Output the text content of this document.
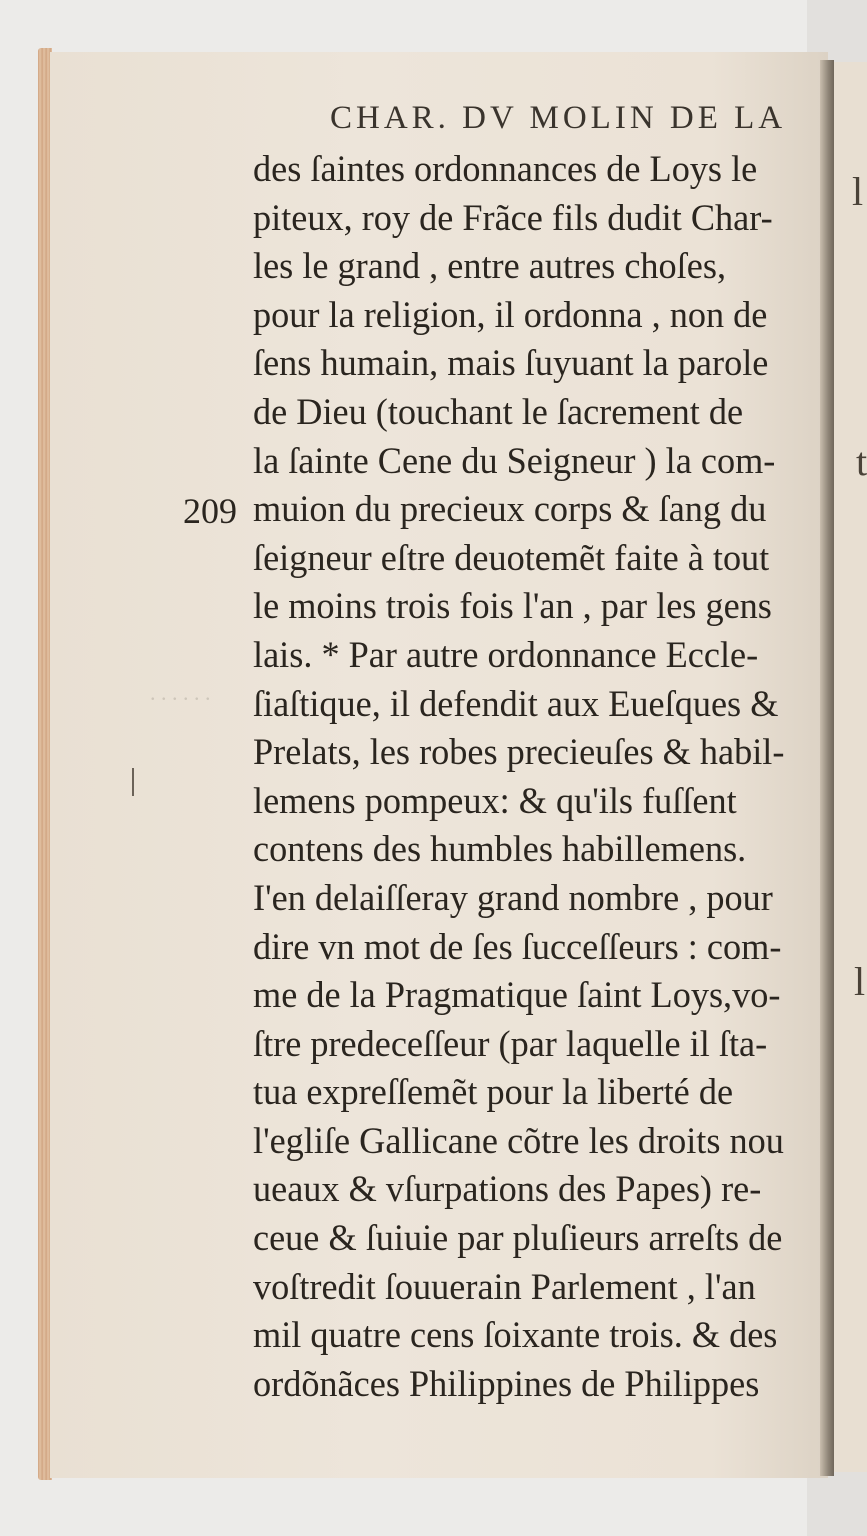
l
t
l
. . . . . .
CHAR. DV MOLIN DE LA
209
des ſaintes ordonnances de Loys le
piteux, roy de Frãce fils dudit Char-
les le grand , entre autres choſes,
pour la religion, il ordonna , non de
ſens humain, mais ſuyuant la parole
de Dieu (touchant le ſacrement de
la ſainte Cene du Seigneur ) la com-
muion du precieux corps & ſang du
ſeigneur eſtre deuotemẽt faite à tout
le moins trois fois l'an , par les gens
lais. * Par autre ordonnance Eccle-
ſiaſtique, il defendit aux Eueſques &
Prelats, les robes precieuſes & habil-
lemens pompeux: & qu'ils fuſſent
contens des humbles habillemens.
I'en delaiſſeray grand nombre , pour
dire vn mot de ſes ſucceſſeurs : com-
me de la Pragmatique ſaint Loys,vo-
ſtre predeceſſeur (par laquelle il ſta-
tua expreſſemẽt pour la liberté de
l'egliſe Gallicane cõtre les droits nou
ueaux & vſurpations des Papes) re-
ceue & ſuiuie par pluſieurs arreſts de
voſtredit ſouuerain Parlement , l'an
mil quatre cens ſoixante trois. & des
ordõnãces Philippines de Philippes
